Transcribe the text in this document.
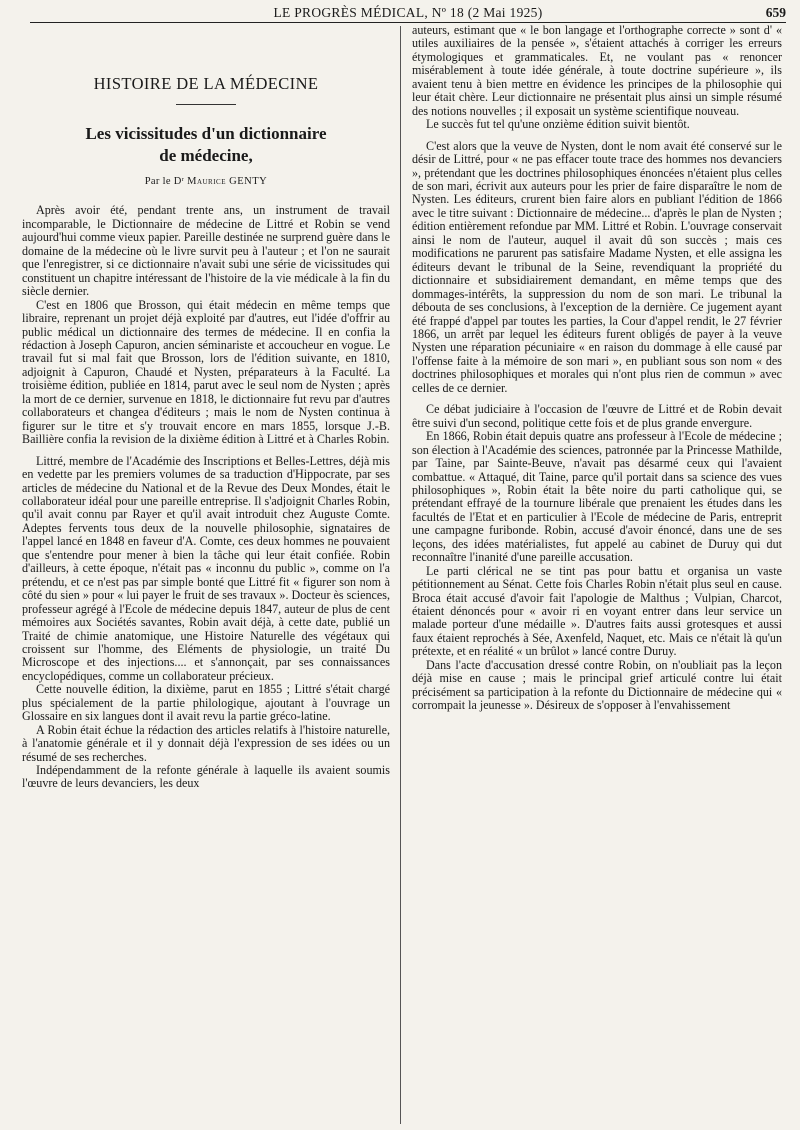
LE PROGRÈS MÉDICAL, Nº 18 (2 Mai 1925)	659
HISTOIRE DE LA MÉDECINE
Les vicissitudes d'un dictionnaire
de médecine,
Par le Dʳ Maurice GENTY

Après avoir été, pendant trente ans, un instrument de travail incomparable, le Dictionnaire de médecine de Littré et Robin se vend aujourd'hui comme vieux papier. Pareille destinée ne surprend guère dans le domaine de la médecine où le livre survit peu à l'auteur ; et l'on ne saurait que l'enregistrer, si ce dictionnaire n'avait subi une série de vicissitudes qui constituent un chapitre intéressant de l'histoire de la vie médicale à la fin du siècle dernier.

C'est en 1806 que Brosson, qui était médecin en même temps que libraire, reprenant un projet déjà exploité par d'autres, eut l'idée d'offrir au public médical un dictionnaire des termes de médecine. Il en confia la rédaction à Joseph Capuron, ancien séminariste et accoucheur en vogue. Le travail fut si mal fait que Brosson, lors de l'édition suivante, en 1810, adjoignit à Capuron, Chaudé et Nysten, préparateurs à la Faculté. La troisième édition, publiée en 1814, parut avec le seul nom de Nysten ; après la mort de ce dernier, survenue en 1818, le dictionnaire fut revu par d'autres collaborateurs et changea d'éditeurs ; mais le nom de Nysten continua à figurer sur le titre et s'y trouvait encore en mars 1855, lorsque J.-B. Baillière confia la revision de la dixième édition à Littré et à Charles Robin.

Littré, membre de l'Académie des Inscriptions et Belles-Lettres, déjà mis en vedette par les premiers volumes de sa traduction d'Hippocrate, par ses articles de médecine du National et de la Revue des Deux Mondes, était le collaborateur idéal pour une pareille entreprise. Il s'adjoignit Charles Robin, qu'il avait connu par Rayer et qu'il avait introduit chez Auguste Comte. Adeptes fervents tous deux de la nouvelle philosophie, signataires de l'appel lancé en 1848 en faveur d'A. Comte, ces deux hommes ne pouvaient que s'entendre pour mener à bien la tâche qui leur était confiée. Robin d'ailleurs, à cette époque, n'était pas « inconnu du public », comme on l'a prétendu, et ce n'est pas par simple bonté que Littré fit « figurer son nom à côté du sien » pour « lui payer le fruit de ses travaux ». Docteur ès sciences, professeur agrégé à l'Ecole de médecine depuis 1847, auteur de plus de cent mémoires aux Sociétés savantes, Robin avait déjà, à cette date, publié un Traité de chimie anatomique, une Histoire Naturelle des végétaux qui croissent sur l'homme, des Eléments de physiologie, un traité Du Microscope et des injections.... et s'annonçait, par ses connaissances encyclopédiques, comme un collaborateur précieux.

Cette nouvelle édition, la dixième, parut en 1855 ; Littré s'était chargé plus spécialement de la partie philologique, ajoutant à l'ouvrage un Glossaire en six langues dont il avait revu la partie gréco-latine.

A Robin était échue la rédaction des articles relatifs à l'histoire naturelle, à l'anatomie générale et il y donnait déjà l'expression de ses idées ou un résumé de ses recherches.

Indépendamment de la refonte générale à laquelle ils avaient soumis l'œuvre de leurs devanciers, les deux

auteurs, estimant que « le bon langage et l'orthographe correcte » sont d' « utiles auxiliaires de la pensée », s'étaient attachés à corriger les erreurs étymologiques et grammaticales. Et, ne voulant pas « renoncer misérablement à toute idée générale, à toute doctrine supérieure », ils avaient tenu à bien mettre en évidence les principes de la philosophie qui leur était chère. Leur dictionnaire ne présentait plus ainsi un simple résumé des notions nouvelles ; il exposait un système scientifique nouveau.

Le succès fut tel qu'une onzième édition suivit bientôt.

C'est alors que la veuve de Nysten, dont le nom avait été conservé sur le désir de Littré, pour « ne pas effacer toute trace des hommes nos devanciers », prétendant que les doctrines philosophiques énoncées n'étaient plus celles de son mari, écrivit aux auteurs pour les prier de faire disparaître le nom de Nysten. Les éditeurs, crurent bien faire alors en publiant l'édition de 1866 avec le titre suivant : Dictionnaire de médecine... d'après le plan de Nysten ; édition entièrement refondue par MM. Littré et Robin. L'ouvrage conservait ainsi le nom de l'auteur, auquel il avait dû son succès ; mais ces modifications ne parurent pas satisfaire Madame Nysten, et elle assigna les éditeurs devant le tribunal de la Seine, revendiquant la propriété du dictionnaire et subsidiairement demandant, en même temps que des dommages-intérêts, la suppression du nom de son mari. Le tribunal la débouta de ses conclusions, à l'exception de la dernière. Ce jugement ayant été frappé d'appel par toutes les parties, la Cour d'appel rendit, le 27 février 1866, un arrêt par lequel les éditeurs furent obligés de payer à la veuve Nysten une réparation pécuniaire « en raison du dommage à elle causé par l'offense faite à la mémoire de son mari », en publiant sous son nom « des doctrines philosophiques et morales qui n'ont plus rien de commun » avec celles de ce dernier.

Ce débat judiciaire à l'occasion de l'œuvre de Littré et de Robin devait être suivi d'un second, politique cette fois et de plus grande envergure.

En 1866, Robin était depuis quatre ans professeur à l'Ecole de médecine ; son élection à l'Académie des sciences, patronnée par la Princesse Mathilde, par Taine, par Sainte-Beuve, n'avait pas désarmé ceux qui l'avaient combattue. « Attaqué, dit Taine, parce qu'il portait dans sa science des vues philosophiques », Robin était la bête noire du parti catholique qui, se prétendant effrayé de la tournure libérale que prenaient les études dans les facultés de l'Etat et en particulier à l'Ecole de médecine de Paris, entreprit une campagne furibonde. Robin, accusé d'avoir énoncé, dans une de ses leçons, des idées matérialistes, fut appelé au cabinet de Duruy qui dut reconnaître l'inanité d'une pareille accusation.

Le parti clérical ne se tint pas pour battu et organisa un vaste pétitionnement au Sénat. Cette fois Charles Robin n'était plus seul en cause. Broca était accusé d'avoir fait l'apologie de Malthus ; Vulpian, Charcot, étaient dénoncés pour « avoir ri en voyant entrer dans leur service un malade porteur d'une médaille ». D'autres faits aussi grotesques et aussi faux étaient reprochés à Sée, Axenfeld, Naquet, etc. Mais ce n'était là qu'un prétexte, et en réalité « un brûlot » lancé contre Duruy.

Dans l'acte d'accusation dressé contre Robin, on n'oubliait pas la leçon déjà mise en cause ; mais le principal grief articulé contre lui était précisément sa participation à la refonte du Dictionnaire de médecine qui « corrompait la jeunesse ». Désireux de s'opposer à l'envahissement
